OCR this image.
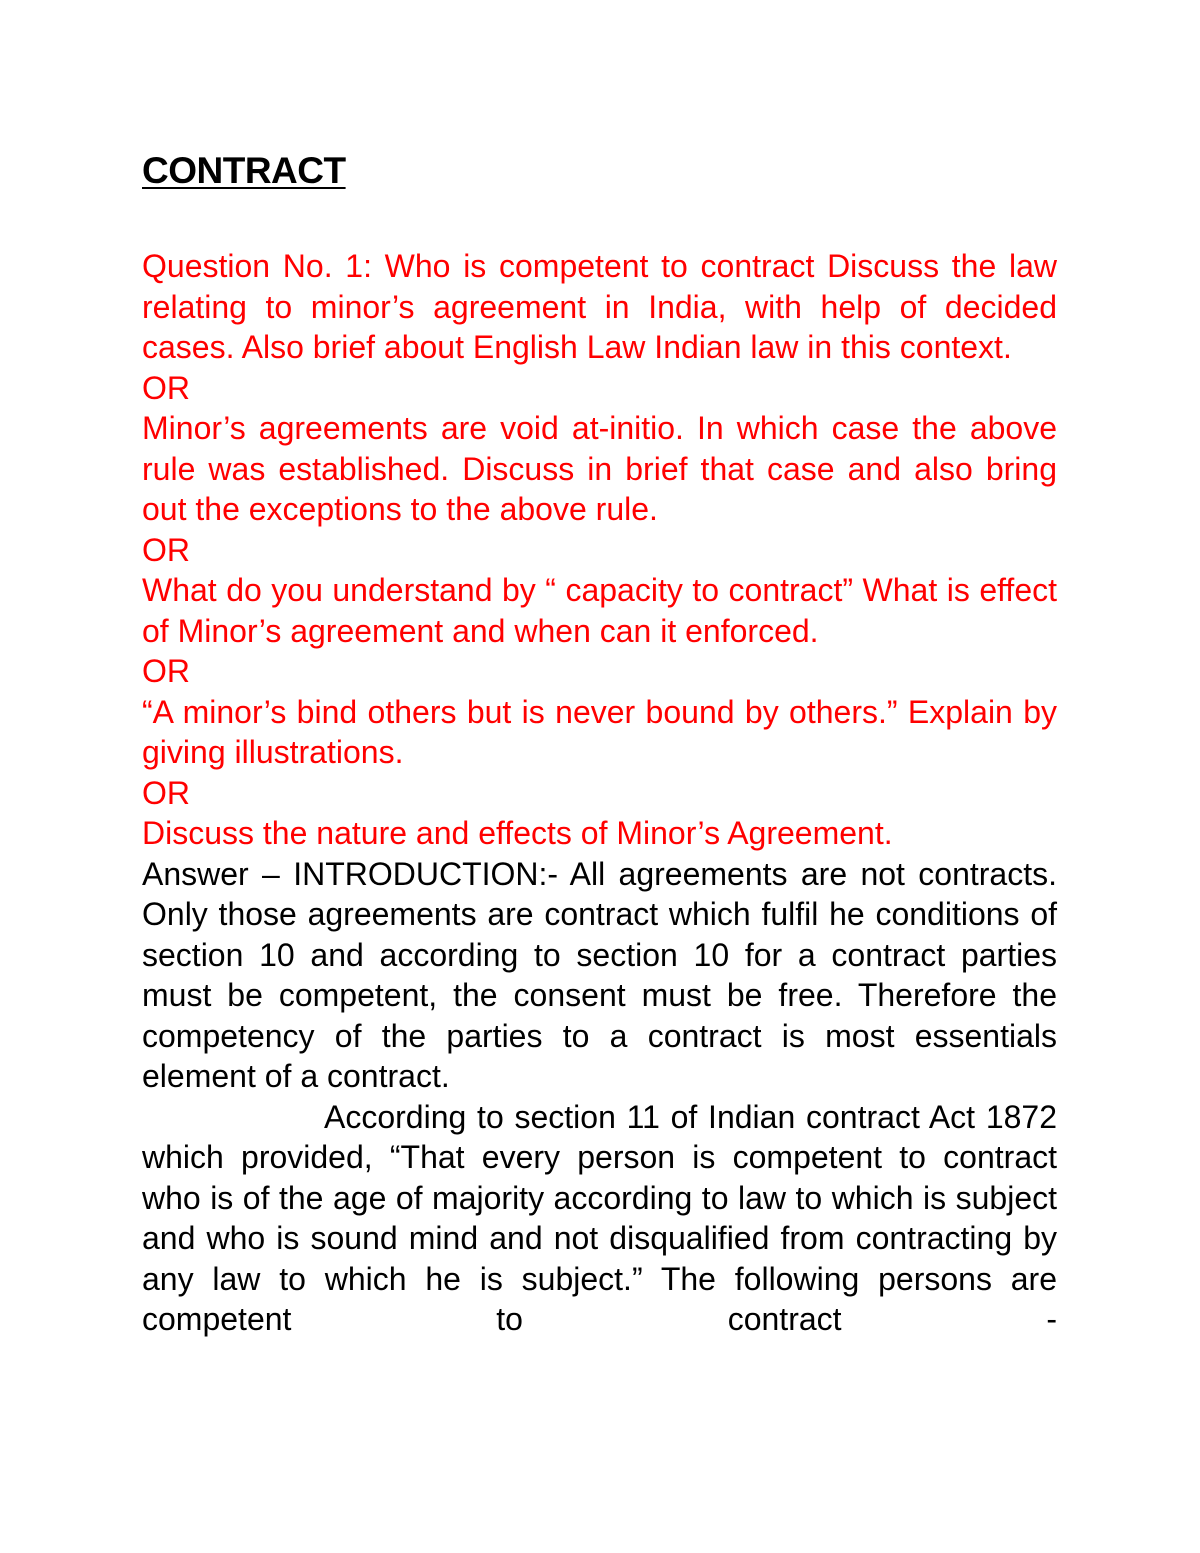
CONTRACT

Question No. 1: Who is competent to contract Discuss the law relating to minor’s agreement in India, with help of decided cases. Also brief about English Law Indian law in this context.

OR

Minor’s agreements are void at-initio. In which case the above rule was established. Discuss in brief that case and also bring out the exceptions to the above rule.

OR

What do you understand by “ capacity to contract” What is effect of Minor’s agreement and when can it enforced.

OR

“A minor’s bind others but is never bound by others.” Explain by giving illustrations.

OR

Discuss the nature and effects of Minor’s Agreement.

Answer – INTRODUCTION:- All agreements are not contracts. Only those agreements are contract which fulfil he conditions of section 10 and according to section 10 for a contract parties must be competent, the consent must be free. Therefore the competency of the parties to a contract is most essentials element of a contract.

According to section 11 of Indian contract Act 1872 which provided, “That every person is competent to contract who is of the age of majority according to law to which is subject and who is sound mind and not disqualified from contracting by any law to which he is subject.” The following persons are competent to contract -
